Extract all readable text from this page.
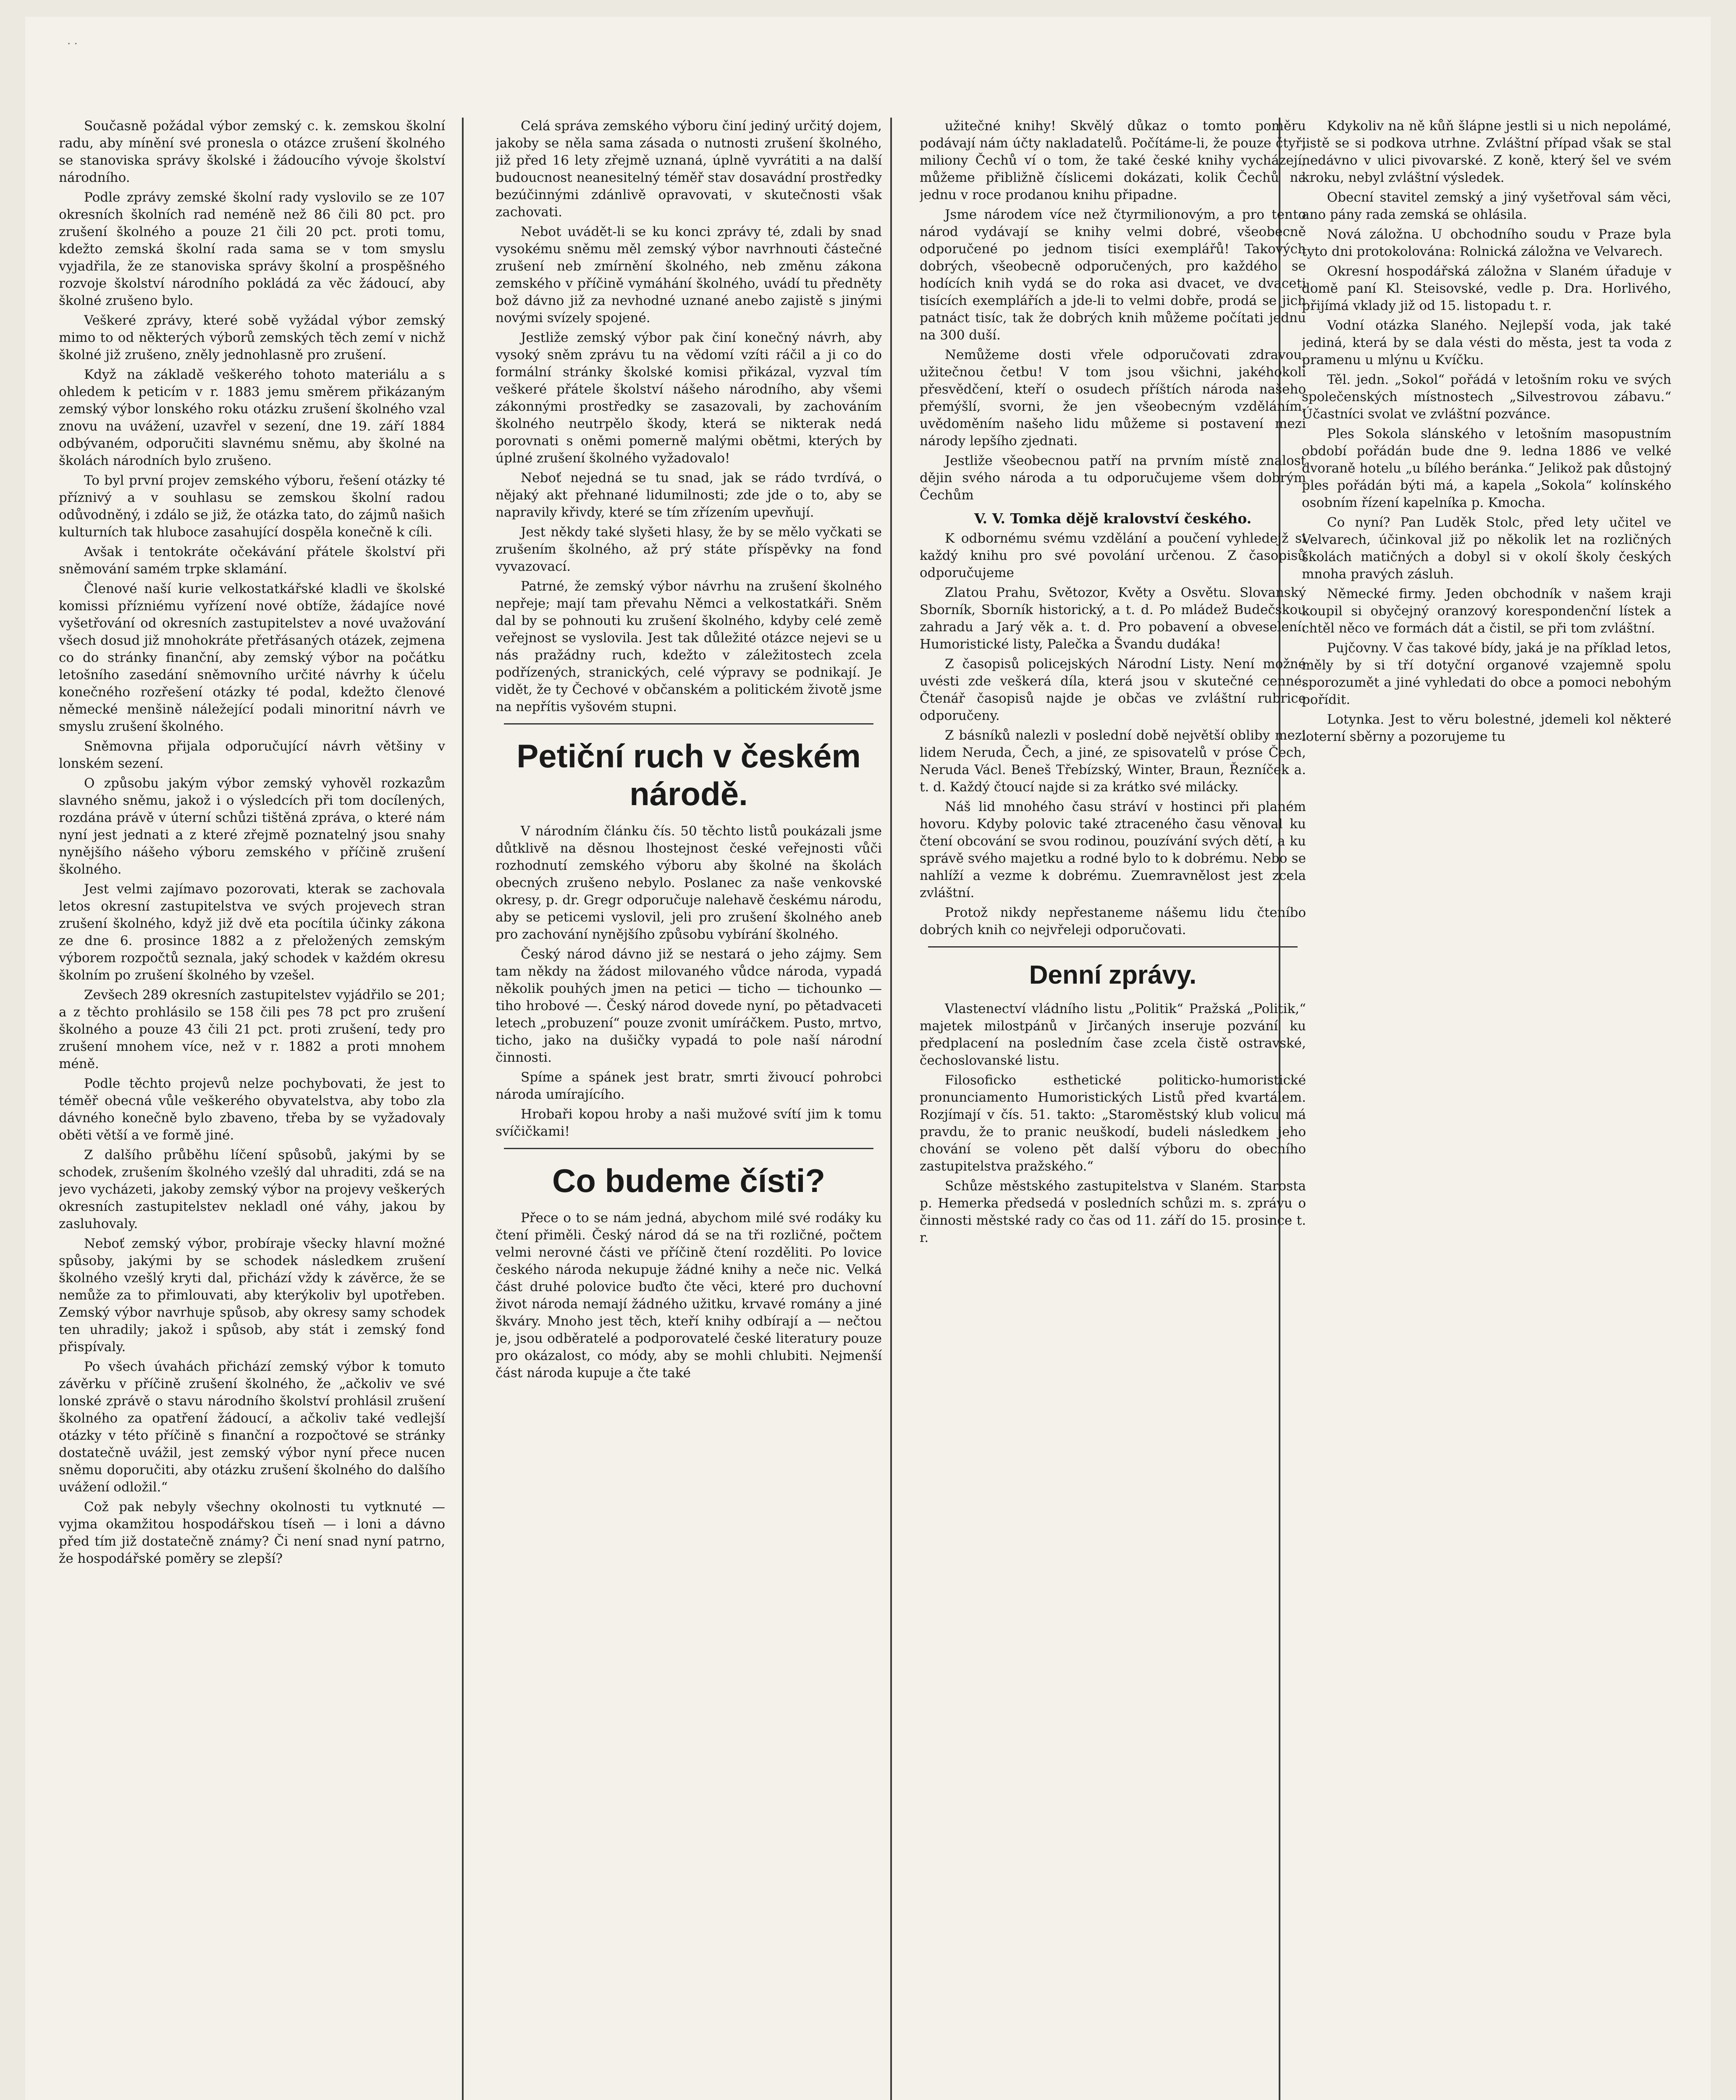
· ·

Současně požádal výbor zemský c. k. zemskou školní radu, aby mínění své pronesla o otázce zrušení školného se stanoviska správy školské i žádoucího vývoje školství národního.

Podle zprávy zemské školní rady vyslovilo se ze 107 okresních školních rad neméně než 86 čili 80 pct. pro zrušení školného a pouze 21 čili 20 pct. proti tomu, kdežto zemská školní rada sama se v tom smyslu vyjadřila, že ze stanoviska správy školní a prospěšného rozvoje školství národního pokládá za věc žádoucí, aby školné zrušeno bylo.

Veškeré zprávy, které sobě vyžádal výbor zemský mimo to od některých výborů zemských těch zemí v nichž školné již zrušeno, zněly jednohlasně pro zrušení.

Když na základě veškerého tohoto materiálu a s ohledem k peticím v r. 1883 jemu směrem přikázaným zemský výbor lonského roku otázku zrušení školného vzal znovu na uvážení, uzavřel v sezení, dne 19. září 1884 odbývaném, odporučiti slavnému sněmu, aby školné na školách národních bylo zrušeno.

To byl první projev zemského výboru, řešení otázky té příznivý a v souhlasu se zemskou školní radou odůvodněný, i zdálo se již, že otázka tato, do zájmů našich kulturních tak hluboce zasahující dospěla konečně k cíli.

Avšak i tentokráte očekávání přátele školství při sněmování samém trpke sklamání.

Členové naší kurie velkostatkářské kladli ve školské komissi přízniému vyřízení nové obtíže, žádajíce nové vyšetřování od okresních zastupitelstev a nové uvažování všech dosud již mnohokráte přetřásaných otázek, zejmena co do stránky finanční, aby zemský výbor na počátku letošního zasedání sněmovního určité návrhy k účelu konečného rozřešení otázky té podal, kdežto členové německé menšině náležející podali minoritní návrh ve smyslu zrušení školného.

Sněmovna přijala odporučující návrh většiny v lonském sezení.

O způsobu jakým výbor zemský vyhověl rozkazům slavného sněmu, jakož i o výsledcích při tom docílených, rozdána právě v úterní schůzi tištěná zpráva, o které nám nyní jest jednati a z které zřejmě poznatelný jsou snahy nynějšího nášeho výboru zemského v příčině zrušení školného.

Jest velmi zajímavo pozorovati, kterak se zachovala letos okresní zastupitelstva ve svých projevech stran zrušení školného, když již dvě eta pocítila účinky zákona ze dne 6. prosince 1882 a z přeložených zemským výborem rozpočtů seznala, jaký schodek v každém okresu školním po zrušení školného by vzešel.

Zevšech 289 okresních zastupitelstev vyjádřilo se 201; a z těchto prohlásilo se 158 čili pes 78 pct pro zrušení školného a pouze 43 čili 21 pct. proti zrušení, tedy pro zrušení mnohem více, než v r. 1882 a proti mnohem méně.

Podle těchto projevů nelze pochybovati, že jest to téměř obecná vůle veškerého obyvatelstva, aby tobo zla dávného konečně bylo zbaveno, třeba by se vyžadovaly oběti větší a ve formě jiné.

Z dalšího průběhu líčení spůsobů, jakými by se schodek, zrušením školného vzešlý dal uhraditi, zdá se na jevo vycházeti, jakoby zemský výbor na projevy veškerých okresních zastupitelstev nekladl oné váhy, jakou by zasluhovaly.

Neboť zemský výbor, probíraje všecky hlavní možné spůsoby, jakými by se schodek následkem zrušení školného vzešlý kryti dal, přichází vždy k závěrce, že se nemůže za to přimlouvati, aby kterýkoliv byl upotřeben. Zemský výbor navrhuje spůsob, aby okresy samy schodek ten uhradily; jakož i spůsob, aby stát i zemský fond přispívaly.

Po všech úvahách přichází zemský výbor k tomuto závěrku v příčině zrušení školného, že „ačkoliv ve své lonské zprávě o stavu národního školství prohlásil zrušení školného za opatření žádoucí, a ačkoliv také vedlejší otázky v této příčině s finanční a rozpočtové se stránky dostatečně uvážil, jest zemský výbor nyní přece nucen sněmu doporučiti, aby otázku zrušení školného do dalšího uvážení odložil.“

Což pak nebyly všechny okolnosti tu vytknuté — vyjma okamžitou hospodářskou tíseň — i loni a dávno před tím již dostatečně známy? Či není snad nyní patrno, že hospodářské poměry se zlepší?

Celá správa zemského výboru činí jediný určitý dojem, jakoby se něla sama zásada o nutnosti zrušení školného, již před 16 lety zřejmě uznaná, úplně vyvrátiti a na další budoucnost neanesitelný téměř stav dosavádní prostředky bezúčinnými zdánlivě opravovati, v skutečnosti však zachovati.

Nebot uvádět-li se ku konci zprávy té, zdali by snad vysokému sněmu měl zemský výbor navrhnouti částečné zrušení neb zmírnění školného, neb změnu zákona zemského v příčině vymáhání školného, uvádí tu předněty bož dávno již za nevhodné uznané anebo zajistě s jinými novými svízely spojené.

Jestliže zemský výbor pak činí konečný návrh, aby vysoký sněm zprávu tu na vědomí vzíti ráčil a ji co do formální stránky školské komisi přikázal, vyzval tím veškeré přátele školství nášeho národního, aby všemi zákonnými prostředky se zasazovali, by zachováním školného neutrpělo škody, která se nikterak nedá porovnati s oněmi pomerně malými obětmi, kterých by úplné zrušení školného vyžadovalo!

Neboť nejedná se tu snad, jak se rádo tvrdívá, o nějaký akt přehnané lidumilnosti; zde jde o to, aby se napravily křivdy, které se tím zřízením upevňují.

Jest někdy také slyšeti hlasy, že by se mělo vyčkati se zrušením školného, až prý státe příspěvky na fond vyvazovací.

Patrné, že zemský výbor návrhu na zrušení školného nepřeje; mají tam převahu Němci a velkostatkáři. Sněm dal by se pohnouti ku zrušení školného, kdyby celé země veřejnost se vyslovila. Jest tak důležité otázce nejevi se u nás pražádny ruch, kdežto v záležitostech zcela podřízených, stranických, celé výpravy se podnikají. Je vidět, že ty Čechové v občanském a politickém životě jsme na nepřítis vyšovém stupni.

Petiční ruch v českém národě.

V národním článku čís. 50 těchto listů poukázali jsme důtklivě na děsnou lhostejnost české veřejnosti vůči rozhodnutí zemského výboru aby školné na školách obecných zrušeno nebylo. Poslanec za naše venkovské okresy, p. dr. Gregr odporučuje nalehavě českému národu, aby se peticemi vyslovil, jeli pro zrušení školného aneb pro zachování nynějšího způsobu vybírání školného.

Český národ dávno již se nestará o jeho zájmy. Sem tam někdy na žádost milovaného vůdce národa, vypadá několik pouhých jmen na petici — ticho — tichounko — tiho hrobové —. Český národ dovede nyní, po pětadvaceti letech „probuzení“ pouze zvonit umíráčkem. Pusto, mrtvo, ticho, jako na dušičky vypadá to pole naší národní činnosti.

Spíme a spánek jest bratr, smrti živoucí pohrobci národa umírajícího.

Hrobaři kopou hroby a naši mužové svítí jim k tomu svíčičkami!

Co budeme čísti?

Přece o to se nám jedná, abychom milé své rodáky ku čtení přiměli. Český národ dá se na tři rozličné, počtem velmi nerovné části ve příčině čtení rozděliti. Po lovice českého národa nekupuje žádné knihy a neče nic. Velká část druhé polovice buďto čte věci, které pro duchovní život národa nemají žádného užitku, krvavé romány a jiné škváry. Mnoho jest těch, kteří knihy odbírají a — nečtou je, jsou odběratelé a podporovatelé české literatury pouze pro okázalost, co módy, aby se mohli chlubiti. Nejmenší část národa kupuje a čte také

užitečné knihy! Skvělý důkaz o tomto poměru podávají nám účty nakladatelů. Počítáme-li, že pouze čtyři miliony Čechů ví o tom, že také české knihy vycházejí, můžeme přibližně číslicemi dokázati, kolik Čechů na jednu v roce prodanou knihu připadne.

Jsme národem více než čtyrmilionovým, a pro tento národ vydávají se knihy velmi dobré, všeobecně odporučené po jednom tisíci exemplářů! Takových dobrých, všeobecně odporučených, pro každého se hodících knih vydá se do roka asi dvacet, ve dvaceti tisících exemplářích a jde-li to velmi dobře, prodá se jich patnáct tisíc, tak že dobrých knih můžeme počítati jednu na 300 duší.

Nemůžeme dosti vřele odporučovati zdravou, užitečnou četbu! V tom jsou všichni, jakéhokoli přesvědčení, kteří o osudech příštích národa našeho přemýšlí, svorni, že jen všeobecným vzděláním, uvědoměním našeho lidu můžeme si postavení mezi národy lepšího zjednati.

Jestliže všeobecnou patří na prvním místě znalost dějin svého národa a tu odporučujeme všem dobrým Čechům

V. V. Tomka dějě kralovství českého.

K odbornému svému vzdělání a poučení vyhledejž si každý knihu pro své povolání určenou. Z časopisů odporučujeme

Zlatou Prahu, Světozor, Květy a Osvětu. Slovanský Sborník, Sborník historický, a t. d. Po mládež Budečskou zahradu a Jarý věk a. t. d. Pro pobavení a obveselení: Humoristické listy, Palečka a Švandu dudáka!

Z časopisů policejských Národní Listy. Není možné uvésti zde veškerá díla, která jsou v skutečné cenné. Čtenář časopisů najde je občas ve zvláštní rubrice odporučeny.

Z básníků nalezli v poslední době největší obliby mezi lidem Neruda, Čech, a jiné, ze spisovatelů v próse Čech, Neruda Václ. Beneš Třebízský, Winter, Braun, Řezníček a. t. d. Každý čtoucí najde si za krátko své milácky.

Náš lid mnohého času stráví v hostinci při planém hovoru. Kdyby polovic také ztraceného času věnoval ku čtení obcování se svou rodinou, pouzívání svých dětí, a ku správě svého majetku a rodné bylo to k dobrému. Nebo se nahlíží a vezme k dobrému. Zuemravnělost jest zcela zvláštní.

Protož nikdy nepřestaneme nášemu lidu čteníbo dobrých knih co nejvřeleji odporučovati.

Denní zprávy.

Vlastenectví vládního listu „Politik“ Pražská „Politik,“ majetek milostpánů v Jirčaných inseruje pozvání ku předplacení na posledním čase zcela čistě ostravské, čechoslovanské listu.

Filosoficko esthetické politicko-humoristické pronunciamento Humoristických Listů před kvartálem. Rozjímají v čís. 51. takto: „Staroměstský klub volicu má pravdu, že to pranic neuškodí, budeli následkem jeho chování se voleno pět další výboru do obecního zastupitelstva pražského.“

Schůze městského zastupitelstva v Slaném. Starosta p. Hemerka předsedá v posledních schůzi m. s. zprávu o činnosti městské rady co čas od 11. září do 15. prosince t. r.

Kdykoliv na ně kůň šlápne jestli si u nich nepolámé, jistě se si podkova utrhne. Zvláštní případ však se stal nedávno v ulici pivovarské. Z koně, který šel ve svém kroku, nebyl zvláštní výsledek.

Obecní stavitel zemský a jiný vyšetřoval sám věci, ano pány rada zemská se ohlásila.

Nová záložna. U obchodního soudu v Praze byla tyto dni protokolována: Rolnická záložna ve Velvarech.

Okresní hospodářská záložna v Slaném úřaduje v domě paní Kl. Steisovské, vedle p. Dra. Horlivého, přijímá vklady již od 15. listopadu t. r.

Vodní otázka Slaného. Nejlepší voda, jak také jediná, která by se dala vésti do města, jest ta voda z pramenu u mlýnu u Kvíčku.

Těl. jedn. „Sokol“ pořádá v letošním roku ve svých společenských místnostech „Silvestrovou zábavu.“ Účastníci svolat ve zvláštní pozvánce.

Ples Sokola slánského v letošním masopustním období pořádán bude dne 9. ledna 1886 ve velké dvoraně hotelu „u bílého beránka.“ Jelikož pak důstojný ples pořádán býti má, a kapela „Sokola“ kolínského osobním řízení kapelníka p. Kmocha.

Co nyní? Pan Luděk Stolc, před lety učitel ve Velvarech, účinkoval již po několik let na rozličných školách matičných a dobyl si v okolí školy českých mnoha pravých zásluh.

Německé firmy. Jeden obchodník v našem kraji koupil si obyčejný oranzový korespondenční lístek a chtěl něco ve formách dát a čistil, se při tom zvláštní.

Pujčovny. V čas takové bídy, jaká je na příklad letos, měly by si tří dotyční organové vzajemně spolu sporozumět a jiné vyhledati do obce a pomoci nebohým pořídit.

Lotynka. Jest to věru bolestné, jdemeli kol některé loterní sběrny a pozorujeme tu
